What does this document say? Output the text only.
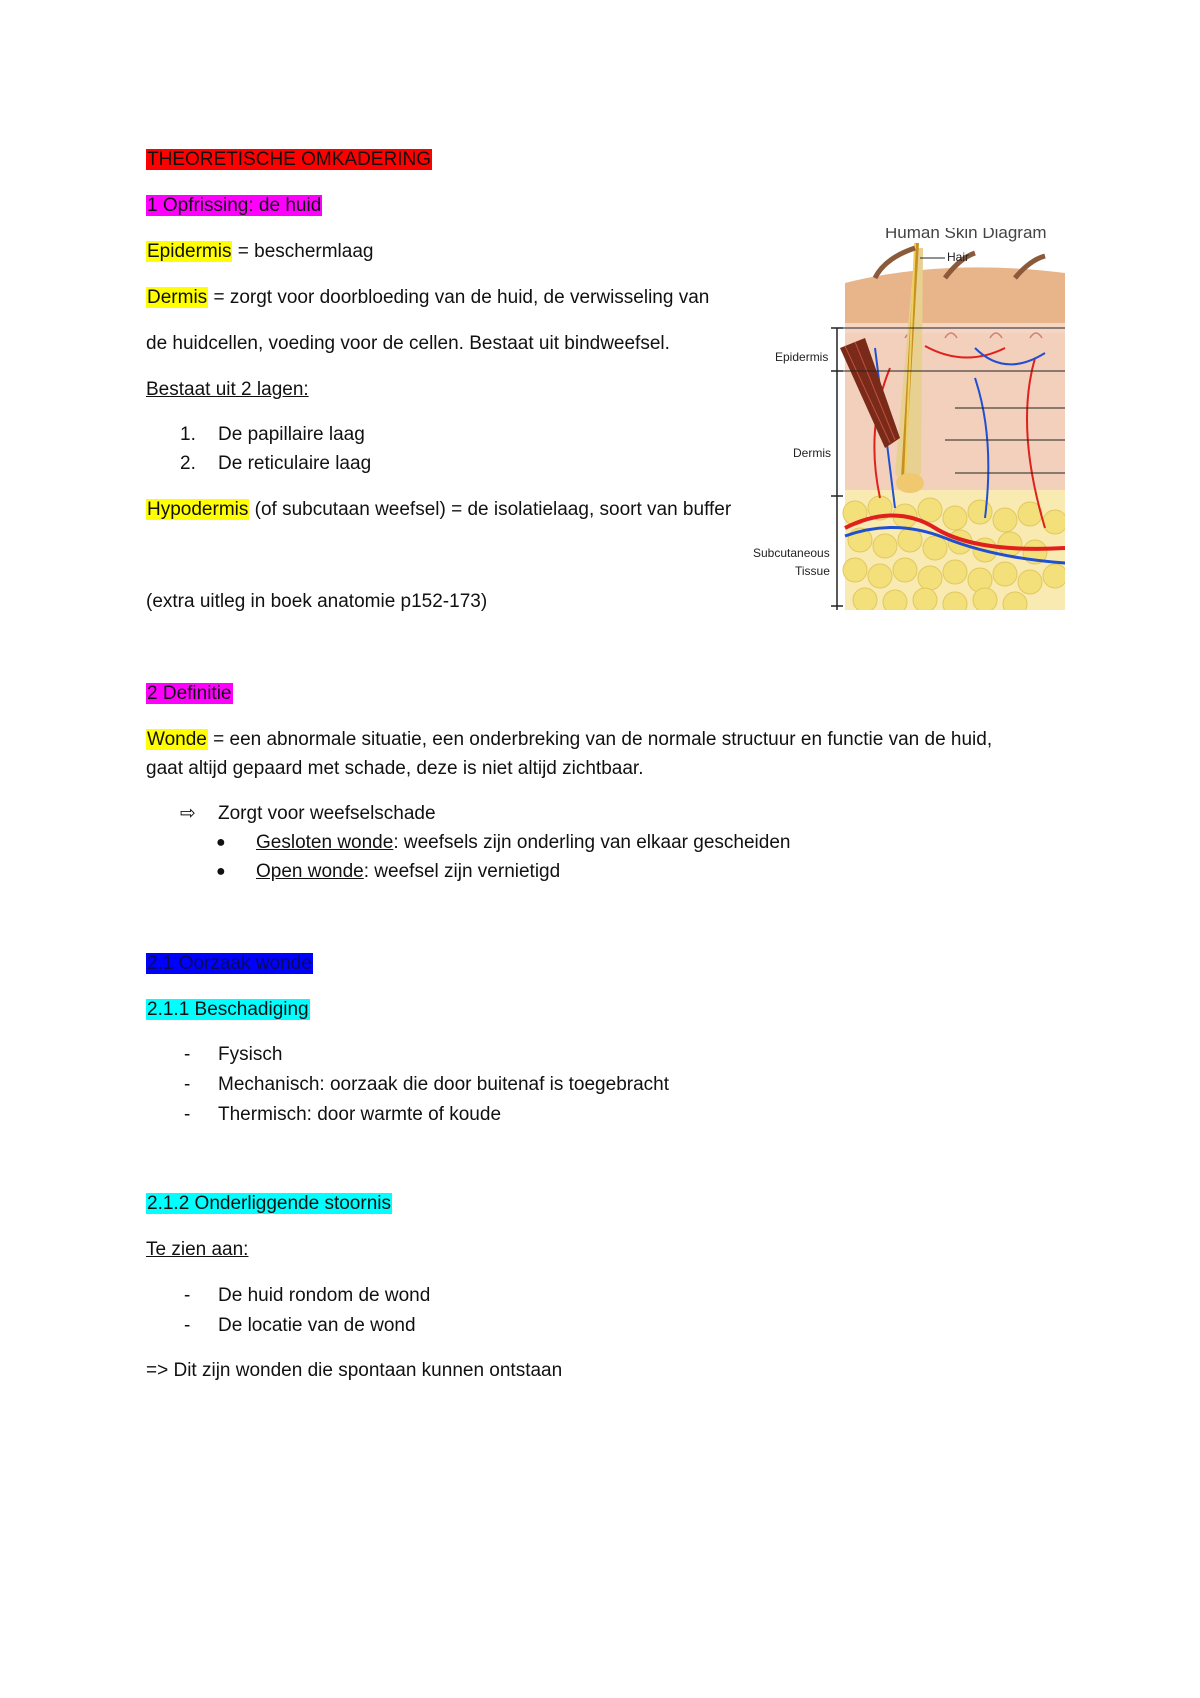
THEORETISCHE OMKADERING
1 Opfrissing: de huid
Epidermis = beschermlaag
Dermis = zorgt voor doorbloeding van de huid, de verwisseling van
de huidcellen, voeding voor de cellen. Bestaat uit bindweefsel.
Bestaat uit 2 lagen:
1. De papillaire laag
2. De reticulaire laag
Hypodermis (of subcutaan weefsel) = de isolatielaag, soort van buffer
(extra uitleg in boek anatomie p152-173)
Human Skin Diagram
Hair
Epidermis
Dermis
Subcutaneous
Tissue
2 Definitie
Wonde = een abnormale situatie, een onderbreking van de normale structuur en functie van de huid,
gaat altijd gepaard met schade, deze is niet altijd zichtbaar.
⇨ Zorgt voor weefselschade
● Gesloten wonde: weefsels zijn onderling van elkaar gescheiden
● Open wonde: weefsel zijn vernietigd
2.1 Oorzaak wonde
2.1.1 Beschadiging
- Fysisch
- Mechanisch: oorzaak die door buitenaf is toegebracht
- Thermisch: door warmte of koude
2.1.2 Onderliggende stoornis
Te zien aan:
- De huid rondom de wond
- De locatie van de wond
=> Dit zijn wonden die spontaan kunnen ontstaan
